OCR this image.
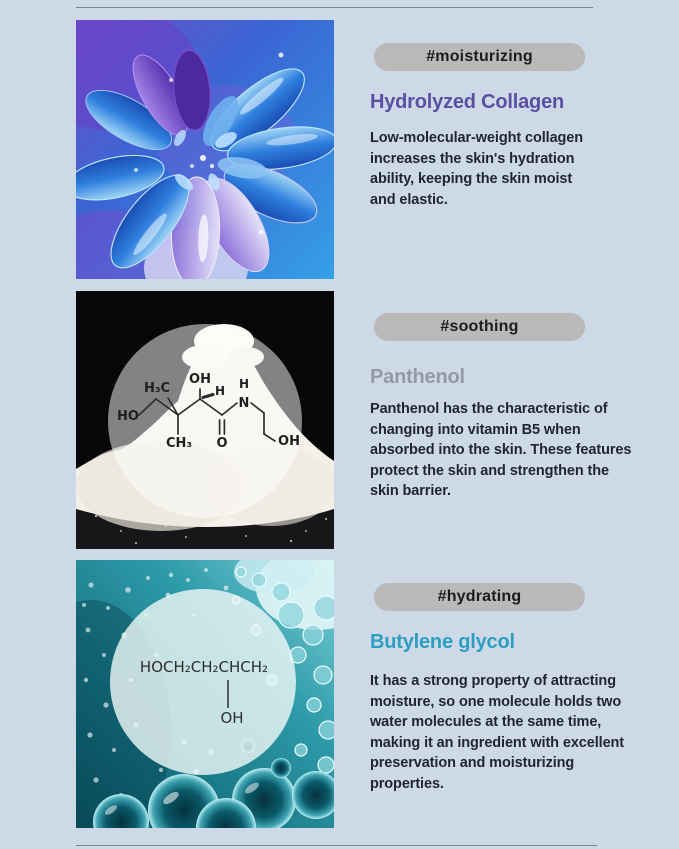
#moisturizing
Hydrolyzed Collagen
Low-molecular-weight collagen
increases the skin's hydration
ability, keeping the skin moist
and elastic.
HO
H₃C
OH
H H
N
CH₃ O	OH
#soothing
Panthenol
Panthenol has the characteristic of
changing into vitamin B5 when
absorbed into the skin. These features
protect the skin and strengthen the
skin barrier.
HOCH₂CH₂CHCH₂
OH
#hydrating
Butylene glycol
It has a strong property of attracting
moisture, so one molecule holds two
water molecules at the same time,
making it an ingredient with excellent
preservation and moisturizing
properties.
